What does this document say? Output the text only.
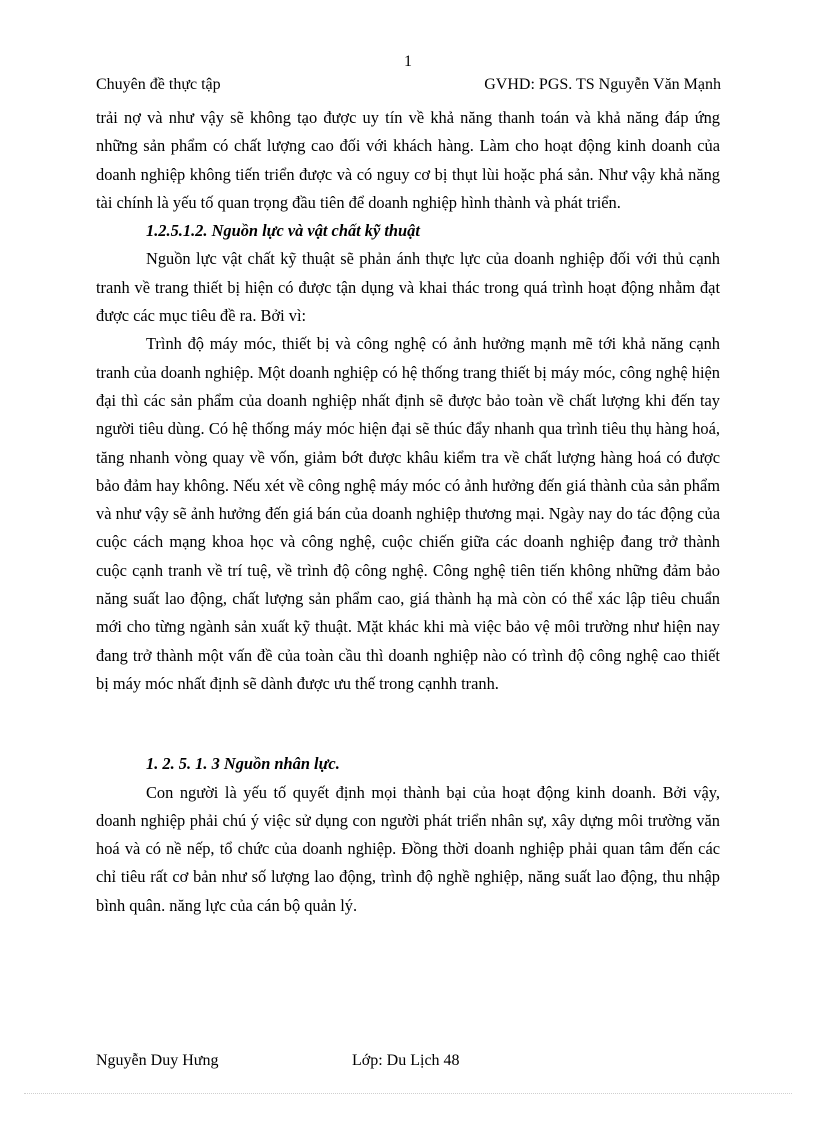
1
Chuyên đề thực tập	GVHD: PGS. TS Nguyễn Văn Mạnh

trải nợ và như vậy sẽ không tạo được uy tín về khả năng thanh toán và khả năng đáp ứng những sản phẩm có chất lượng cao đối với khách hàng. Làm cho hoạt động kinh doanh của doanh nghiệp không tiến triển được và có nguy cơ bị thụt lùi hoặc phá sản. Như vậy khả năng tài chính là yếu tố quan trọng đầu tiên để doanh nghiệp hình thành và phát triển.

1.2.5.1.2. Nguồn lực và vật chất kỹ thuật

Nguồn lực vật chất kỹ thuật sẽ phản ánh thực lực của doanh nghiệp đối với thủ cạnh tranh về trang thiết bị hiện có được tận dụng và khai thác trong quá trình hoạt động nhằm đạt được các mục tiêu đề ra. Bởi vì:

Trình độ máy móc, thiết bị và công nghệ có ảnh hưởng mạnh mẽ tới khả năng cạnh tranh của doanh nghiệp. Một doanh nghiệp có hệ thống trang thiết bị máy móc, công nghệ hiện đại thì các sản phẩm của doanh nghiệp nhất định sẽ được bảo toàn về chất lượng khi đến tay người tiêu dùng. Có hệ thống máy móc hiện đại sẽ thúc đẩy nhanh qua trình tiêu thụ hàng hoá, tăng nhanh vòng quay về vốn, giảm bớt được khâu kiểm tra về chất lượng hàng hoá có được bảo đảm hay không. Nếu xét về công nghệ máy móc có ảnh hưởng đến giá thành của sản phẩm và như vậy sẽ ảnh hưởng đến giá bán của doanh nghiệp thương mại. Ngày nay do tác động của cuộc cách mạng khoa học và công nghệ, cuộc chiến giữa các doanh nghiệp đang trở thành cuộc cạnh tranh về trí tuệ, về trình độ công nghệ. Công nghệ tiên tiến không những đảm bảo năng suất lao động, chất lượng sản phẩm cao, giá thành hạ mà còn có thể xác lập tiêu chuẩn mới cho từng ngành sản xuất kỹ thuật. Mặt khác khi mà việc bảo vệ môi trường như hiện nay đang trở thành một vấn đề của toàn cầu thì doanh nghiệp nào có trình độ công nghệ cao thiết bị máy móc nhất định sẽ dành được ưu thế trong cạnhh tranh.

1. 2. 5. 1. 3 Nguồn nhân lực.

Con người là yếu tố quyết định mọi thành bại của hoạt động kinh doanh. Bởi vậy, doanh nghiệp phải chú ý việc sử dụng con người phát triển nhân sự, xây dựng môi trường văn hoá và có nề nếp, tổ chức của doanh nghiệp. Đồng thời doanh nghiệp phải quan tâm đến các chỉ tiêu rất cơ bản như số lượng lao động, trình độ nghề nghiệp, năng suất lao động, thu nhập bình quân. năng lực của cán bộ quản lý.

Nguyễn Duy Hưng	Lớp: Du Lịch 48
